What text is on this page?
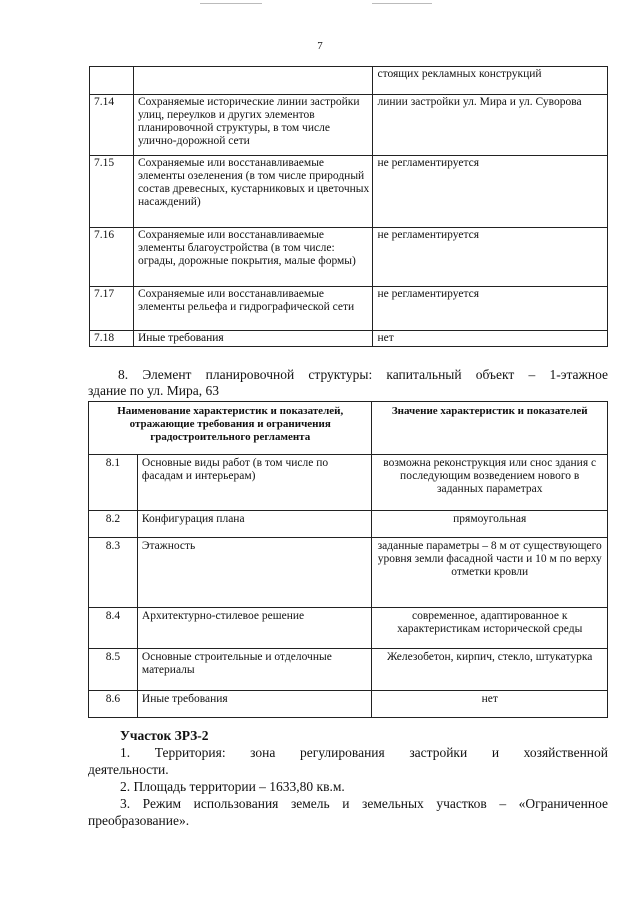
7
		стоящих рекламных конструкций
7.14	Сохраняемые исторические линии застройки улиц, переулков и других элементов планировочной структуры, в том числе улично-дорожной сети	линии застройки ул. Мира и ул. Суворова
7.15	Сохраняемые или восстанавливаемые элементы озеленения (в том числе природный состав древесных, кустарниковых и цветочных насаждений)	не регламентируется
7.16	Сохраняемые или восстанавливаемые элементы благоустройства (в том числе: ограды, дорожные покрытия, малые формы)	не регламентируется
7.17	Сохраняемые или восстанавливаемые элементы рельефа и гидрографической сети	не регламентируется
7.18	Иные требования	нет
8. Элемент планировочной структуры: капитальный объект – 1-этажное
здание по ул. Мира, 63
Наименование характеристик и показателей, отражающие требования и ограничения градостроительного регламента		Значение характеристик и показателей
8.1	Основные виды работ (в том числе по фасадам и интерьерам)	возможна реконструкция или снос здания с последующим возведением нового в заданных параметрах
8.2	Конфигурация плана	прямоугольная
8.3	Этажность	заданные параметры – 8 м от существующего уровня земли фасадной части и 10 м по верху отметки кровли
8.4	Архитектурно-стилевое решение	современное, адаптированное к характеристикам исторической среды
8.5	Основные строительные и отделочные материалы	Железобетон, кирпич, стекло, штукатурка
8.6	Иные требования	нет
Участок ЗРЗ-2

1. Территория: зона регулирования застройки и хозяйственной

деятельности.

2. Площадь территории – 1633,80 кв.м.

3. Режим использования земель и земельных участков – «Ограниченное

преобразование».
